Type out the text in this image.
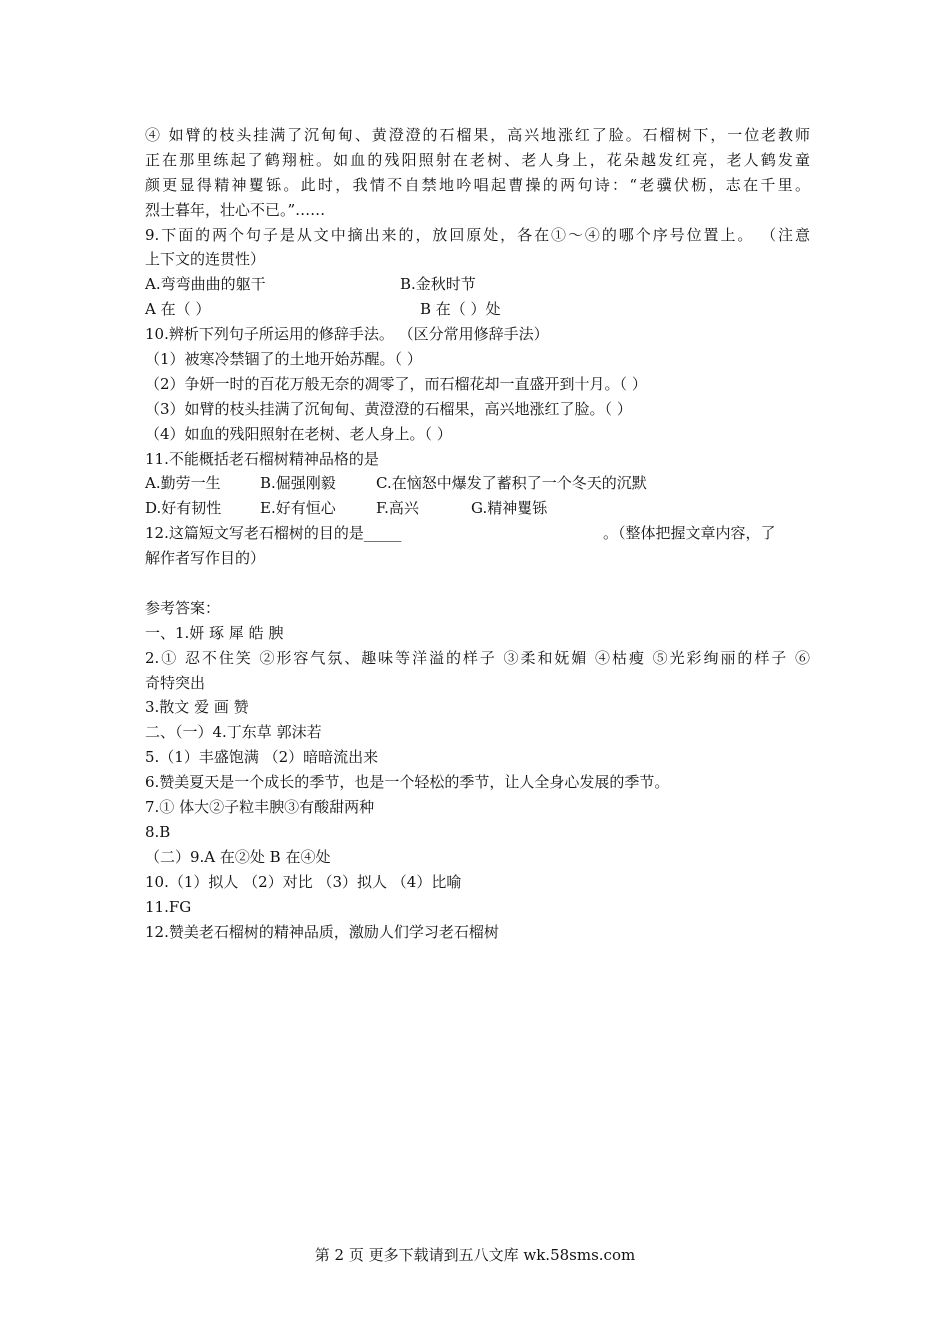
④ 如臂的枝头挂满了沉甸甸、黄澄澄的石榴果，高兴地涨红了脸。石榴树下，一位老教师
正在那里练起了鹤翔桩。如血的残阳照射在老树、老人身上，花朵越发红亮，老人鹤发童
颜更显得精神矍铄。此时，我情不自禁地吟唱起曹操的两句诗：“老骥伏枥，志在千里。
烈士暮年，壮心不已。”……
9.下面的两个句子是从文中摘出来的，放回原处，各在①～④的哪个序号位置上。 （注意
上下文的连贯性）
A.弯弯曲曲的躯干	B.金秋时节
A 在（ ）	B 在（ ）处
10.辨析下列句子所运用的修辞手法。 （区分常用修辞手法）
（1）被寒冷禁锢了的土地开始苏醒。（ ）
（2）争妍一时的百花万般无奈的凋零了，而石榴花却一直盛开到十月。（ ）
（3）如臂的枝头挂满了沉甸甸、黄澄澄的石榴果，高兴地涨红了脸。（ ）
（4）如血的残阳照射在老树、老人身上。（ ）
11.不能概括老石榴树精神品格的是
A.勤劳一生	B.倔强刚毅	C.在恼怒中爆发了蓄积了一个冬天的沉默
D.好有韧性	E.好有恒心	F.高兴	G.精神矍铄
12.这篇短文写老石榴树的目的是_____	。（整体把握文章内容，了
解作者写作目的）
参考答案：
一、1.妍 琢 犀 皓 腴
2.① 忍不住笑 ②形容气氛、趣味等洋溢的样子 ③柔和妩媚 ④枯瘦 ⑤光彩绚丽的样子 ⑥
奇特突出
3.散文 爱 画 赞
二、（一）4.丁东草 郭沫若
5.（1）丰盛饱满 （2）暗暗流出来
6.赞美夏天是一个成长的季节，也是一个轻松的季节，让人全身心发展的季节。
7.① 体大②子粒丰腴③有酸甜两种
8.B
（二）9.A 在②处 B 在④处
10.（1）拟人 （2）对比 （3）拟人 （4）比喻
11.FG
12.赞美老石榴树的精神品质，激励人们学习老石榴树
第 2 页 更多下载请到五八文库 wk.58sms.com
